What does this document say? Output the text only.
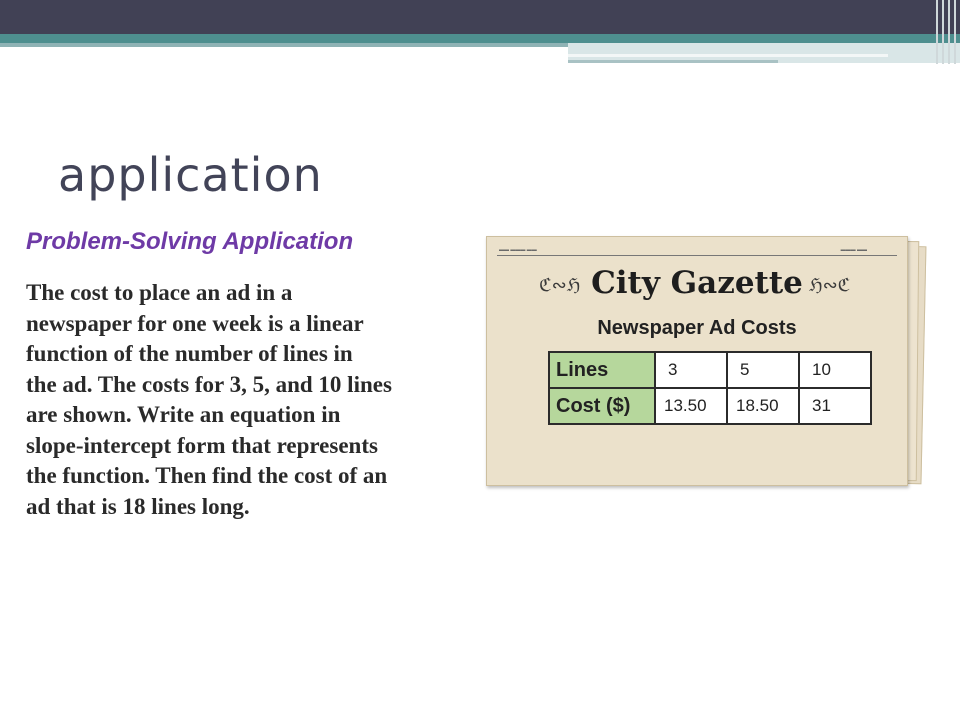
application
Problem-Solving Application
The cost to place an ad in a
newspaper for one week is a linear
function of the number of lines in
the ad. The costs for 3, 5, and 10 lines
are shown. Write an equation in
slope-intercept form that represents
the function. Then find the cost of an
ad that is 18 lines long.
▬▬ ▬▬▬ ▬▬	▬▬▬ ▬▬
ℭ∾ℌ City Gazette ℌ∾ℭ
Newspaper Ad Costs
Lines	3	5	10
Cost ($)	13.50	18.50	31
